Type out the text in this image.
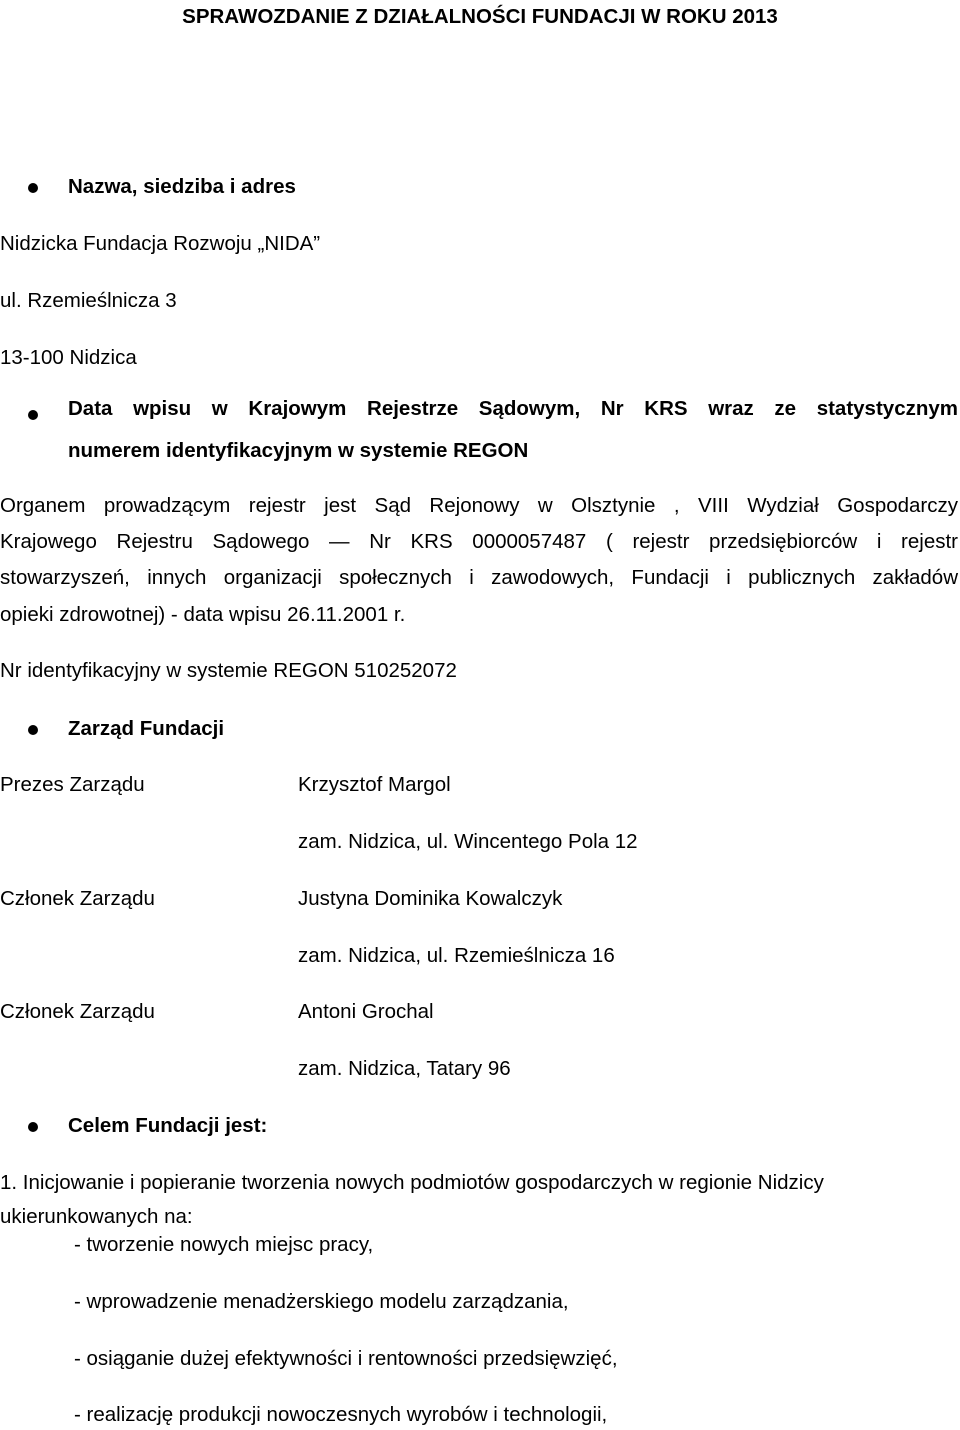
SPRAWOZDANIE Z DZIAŁALNOŚCI FUNDACJI W ROKU 2013
Nazwa, siedziba i adres
Nidzicka Fundacja Rozwoju „NIDA”
ul. Rzemieślnicza 3
13-100 Nidzica
Data wpisu w Krajowym Rejestrze Sądowym, Nr KRS wraz ze statystycznym
numerem identyfikacyjnym w systemie REGON
Organem prowadzącym rejestr jest Sąd Rejonowy w Olsztynie , VIII Wydział Gospodarczy
Krajowego Rejestru Sądowego — Nr KRS 0000057487 ( rejestr przedsiębiorców i rejestr
stowarzyszeń, innych organizacji społecznych i zawodowych, Fundacji i publicznych zakładów
opieki zdrowotnej) - data wpisu 26.11.2001 r.
Nr identyfikacyjny w systemie REGON 510252072
Zarząd Fundacji
Prezes Zarządu	Krzysztof Margol
zam. Nidzica, ul. Wincentego Pola 12
Członek Zarządu	Justyna Dominika Kowalczyk
zam. Nidzica, ul. Rzemieślnicza 16
Członek Zarządu	Antoni Grochal
zam. Nidzica, Tatary 96
Celem Fundacji jest:
1. Inicjowanie i popieranie tworzenia nowych podmiotów gospodarczych w regionie Nidzicy
ukierunkowanych na:
- tworzenie nowych miejsc pracy,
- wprowadzenie menadżerskiego modelu zarządzania,
- osiąganie dużej efektywności i rentowności przedsięwzięć,
- realizację produkcji nowoczesnych wyrobów i technologii,
